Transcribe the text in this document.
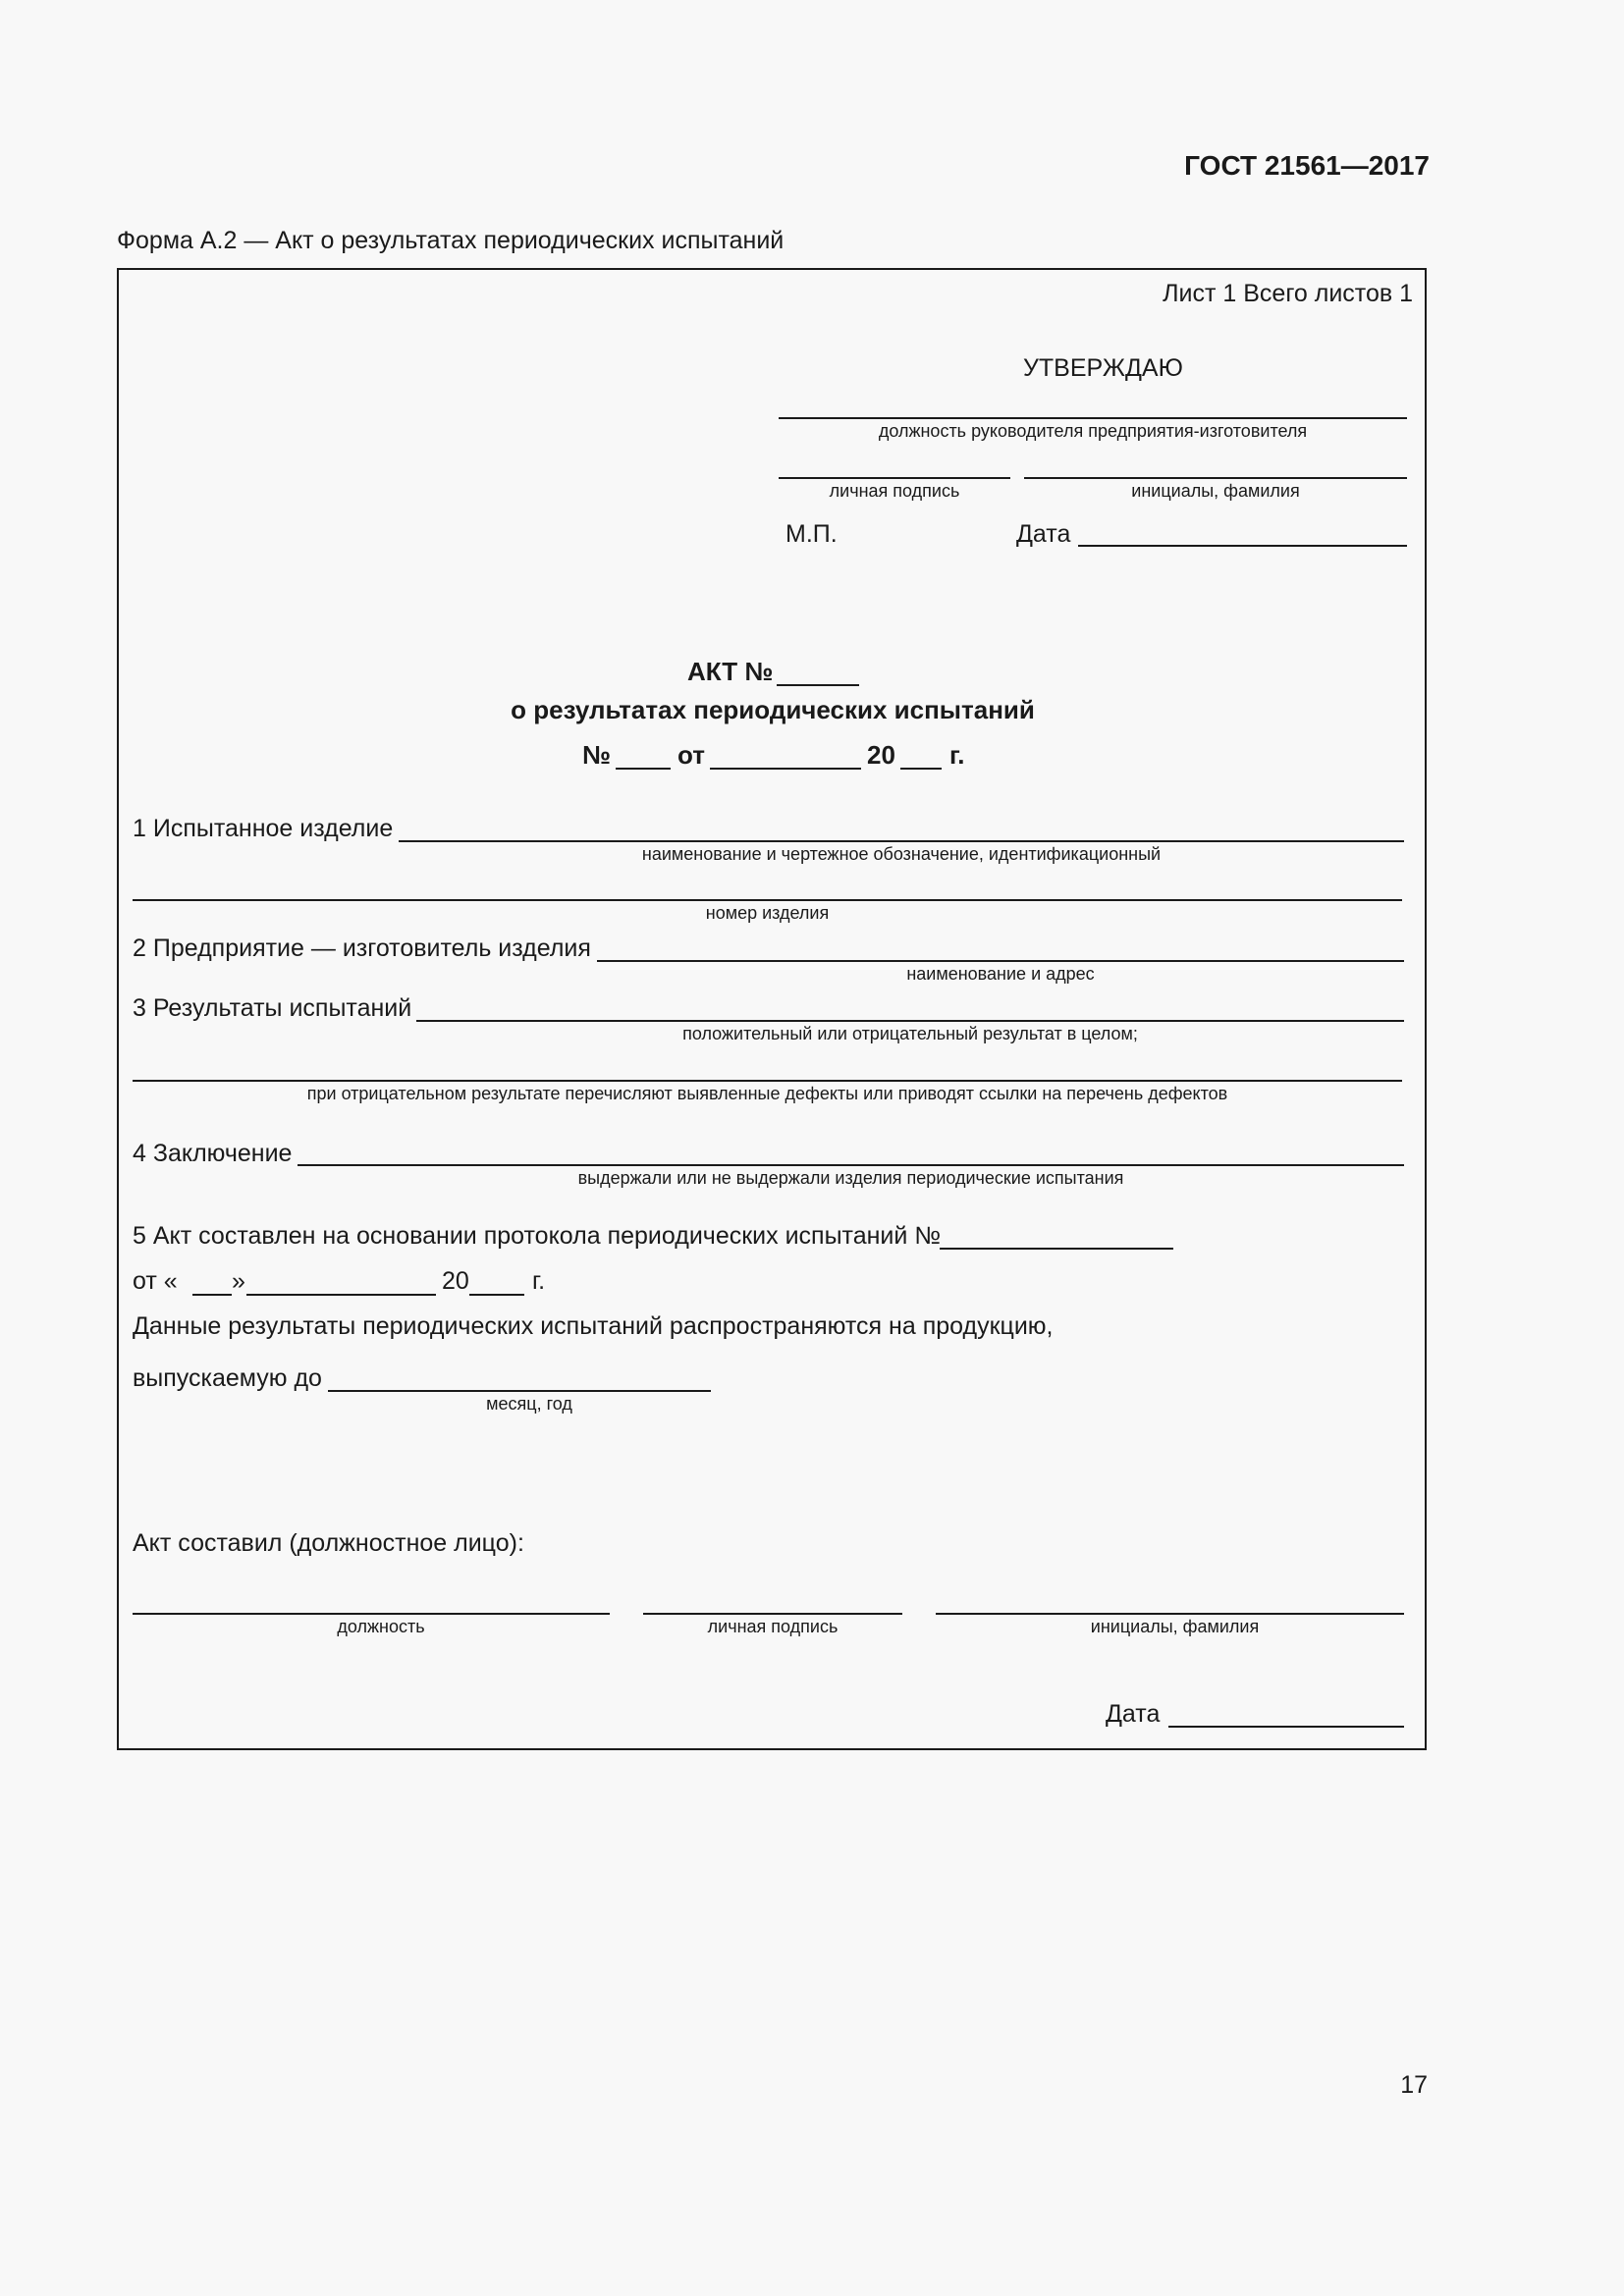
ГОСТ 21561—2017
Форма А.2 — Акт о результатах периодических испытаний
Лист 1 Всего листов 1
УТВЕРЖДАЮ
должность руководителя предприятия-изготовителя
личная подпись	инициалы, фамилия
М.П.	Дата
АКТ №
о результатах периодических испытаний
№	от	20 г.
1 Испытанное изделие
наименование и чертежное обозначение, идентификационный
номер изделия
2 Предприятие — изготовитель изделия
наименование и адрес
3 Результаты испытаний
положительный или отрицательный результат в целом;
при отрицательном результате перечисляют выявленные дефекты или приводят ссылки на перечень дефектов
4 Заключение
выдержали или не выдержали изделия периодические испытания
5 Акт составлен на основании протокола периодических испытаний №
от « »	20	г.
Данные результаты периодических испытаний распространяются на продукцию,
выпускаемую до
месяц, год
Акт составил (должностное лицо):
должность	личная подпись	инициалы, фамилия
Дата
17
